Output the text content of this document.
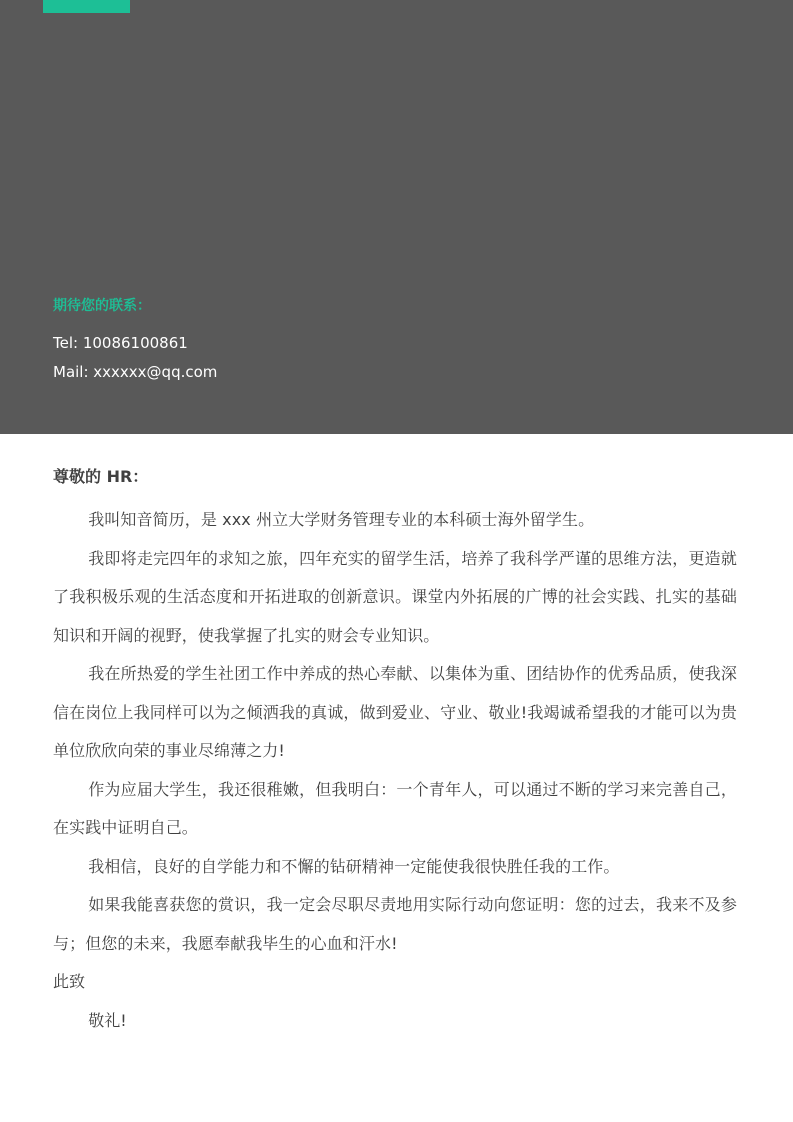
期待您的联系：
Tel: 10086100861
Mail: xxxxxx@qq.com
尊敬的 HR：

我叫知音简历，是 xxx 州立大学财务管理专业的本科硕士海外留学生。

我即将走完四年的求知之旅，四年充实的留学生活，培养了我科学严谨的思维方法，更造就了我积极乐观的生活态度和开拓进取的创新意识。课堂内外拓展的广博的社会实践、扎实的基础知识和开阔的视野，使我掌握了扎实的财会专业知识。

我在所热爱的学生社团工作中养成的热心奉献、以集体为重、团结协作的优秀品质，使我深信在岗位上我同样可以为之倾洒我的真诚，做到爱业、守业、敬业!我竭诚希望我的才能可以为贵单位欣欣向荣的事业尽绵薄之力!

作为应届大学生，我还很稚嫩，但我明白：一个青年人，可以通过不断的学习来完善自己，在实践中证明自己。

我相信，良好的自学能力和不懈的钻研精神一定能使我很快胜任我的工作。

如果我能喜获您的赏识，我一定会尽职尽责地用实际行动向您证明：您的过去，我来不及参与；但您的未来，我愿奉献我毕生的心血和汗水!

此致

敬礼!
